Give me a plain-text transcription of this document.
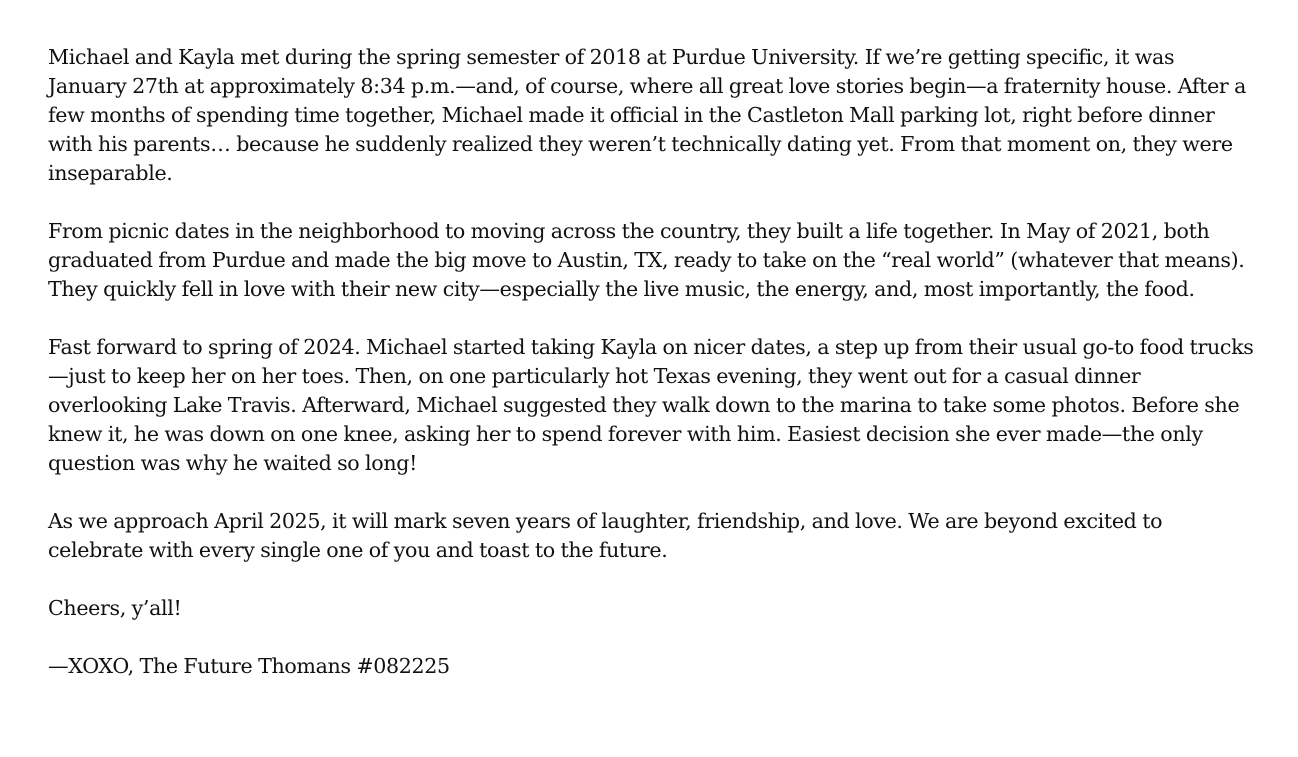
Michael and Kayla met during the spring semester of 2018 at Purdue University. If we’re getting specific, it was January 27th at approximately 8:34 p.m.—and, of course, where all great love stories begin—a fraternity house. After a few months of spending time together, Michael made it official in the Castleton Mall parking lot, right before dinner with his parents… because he suddenly realized they weren’t technically dating yet. From that moment on, they were inseparable.

From picnic dates in the neighborhood to moving across the country, they built a life together. In May of 2021, both graduated from Purdue and made the big move to Austin, TX, ready to take on the “real world” (whatever that means). They quickly fell in love with their new city—especially the live music, the energy, and, most importantly, the food.

Fast forward to spring of 2024. Michael started taking Kayla on nicer dates, a step up from their usual go-to food trucks—just to keep her on her toes. Then, on one particularly hot Texas evening, they went out for a casual dinner overlooking Lake Travis. Afterward, Michael suggested they walk down to the marina to take some photos. Before she knew it, he was down on one knee, asking her to spend forever with him. Easiest decision she ever made—the only question was why he waited so long!

As we approach April 2025, it will mark seven years of laughter, friendship, and love. We are beyond excited to celebrate with every single one of you and toast to the future.

Cheers, y’all!

—XOXO, The Future Thomans #082225
